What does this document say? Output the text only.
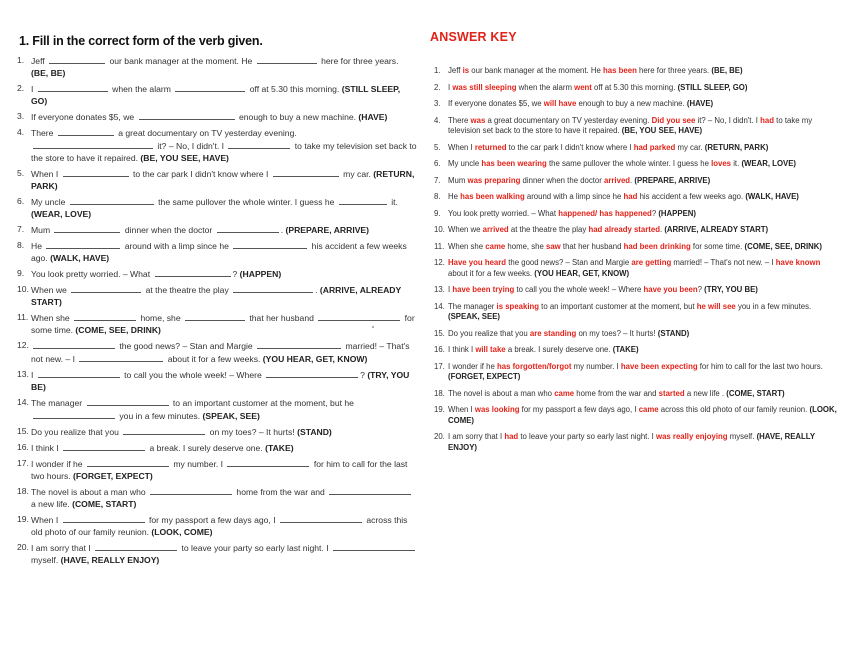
1. Fill in the correct form of the verb given.
1. Jeff	our bank manager at the moment. He	here for three years. (BE, BE)
2. I	when the alarm	off at 5.30 this morning. (STILL SLEEP, GO)
3. If everyone donates $5, we	enough to buy a new machine. (HAVE)
4. There	a great documentary on TV yesterday evening.  it? – No, I didn't. I	to take my television set back to the store to have it repaired. (BE, YOU SEE, HAVE)
5. When I	to the car park I didn't know where I	my car. (RETURN, PARK)
6. My uncle	the same pullover the whole winter. I guess he	it. (WEAR, LOVE)
7. Mum	dinner when the doctor	. (PREPARE, ARRIVE)
8. He	around with a limp since he	his accident a few weeks ago. (WALK, HAVE)
9. You look pretty worried. – What	? (HAPPEN)
10. When we	at the theatre the play	. (ARRIVE, ALREADY START)
11. When she	home, she	that her husband	for some time. (COME, SEE, DRINK)
12.	the good news? – Stan and Margie	married! – That's not new. – I	about it for a few weeks. (YOU HEAR, GET, KNOW)
13. I	to call you the whole week! – Where	? (TRY, YOU BE)
14. The manager	to an important customer at the moment, but he  you in a few minutes. (SPEAK, SEE)
15. Do you realize that you	on my toes? – It hurts! (STAND)
16. I think I	a break. I surely deserve one. (TAKE)
17. I wonder if he	my number. I	for him to call for the last two hours. (FORGET, EXPECT)
18. The novel is about a man who	home from the war and  a new life. (COME, START)
19. When I	for my passport a few days ago, I	across this old photo of our family reunion. (LOOK, COME)
20. I am sorry that I	to leave your party so early last night. I  myself. (HAVE, REALLY ENJOY)
ANSWER KEY
1. Jeff is our bank manager at the moment. He has been here for three years. (BE, BE)
2. I was still sleeping when the alarm went off at 5.30 this morning. (STILL SLEEP, GO)
3. If everyone donates $5, we will have enough to buy a new machine. (HAVE)
4. There was a great documentary on TV yesterday evening. Did you see it? – No, I didn't. I had to take my television set back to the store to have it repaired. (BE, YOU SEE, HAVE)
5. When I returned to the car park I didn't know where I had parked my car. (RETURN, PARK)
6. My uncle has been wearing the same pullover the whole winter. I guess he loves it. (WEAR, LOVE)
7. Mum was preparing dinner when the doctor arrived. (PREPARE, ARRIVE)
8. He has been walking around with a limp since he had his accident a few weeks ago. (WALK, HAVE)
9. You look pretty worried. – What happened/ has happened? (HAPPEN)
10. When we arrived at the theatre the play had already started. (ARRIVE, ALREADY START)
11. When she came home, she saw that her husband had been drinking for some time. (COME, SEE, DRINK)
12. Have you heard the good news? – Stan and Margie are getting married! – That's not new. – I have known about it for a few weeks. (YOU HEAR, GET, KNOW)
13. I have been trying to call you the whole week! – Where have you been? (TRY, YOU BE)
14. The manager is speaking to an important customer at the moment, but he will see you in a few minutes. (SPEAK, SEE)
15. Do you realize that you are standing on my toes? – It hurts! (STAND)
16. I think I will take a break. I surely deserve one. (TAKE)
17. I wonder if he has forgotten/forgot my number. I have been expecting for him to call for the last two hours. (FORGET, EXPECT)
18. The novel is about a man who came home from the war and started a new life . (COME, START)
19. When I was looking for my passport a few days ago, I came across this old photo of our family reunion. (LOOK, COME)
20. I am sorry that I had to leave your party so early last night. I was really enjoying myself. (HAVE, REALLY ENJOY)
